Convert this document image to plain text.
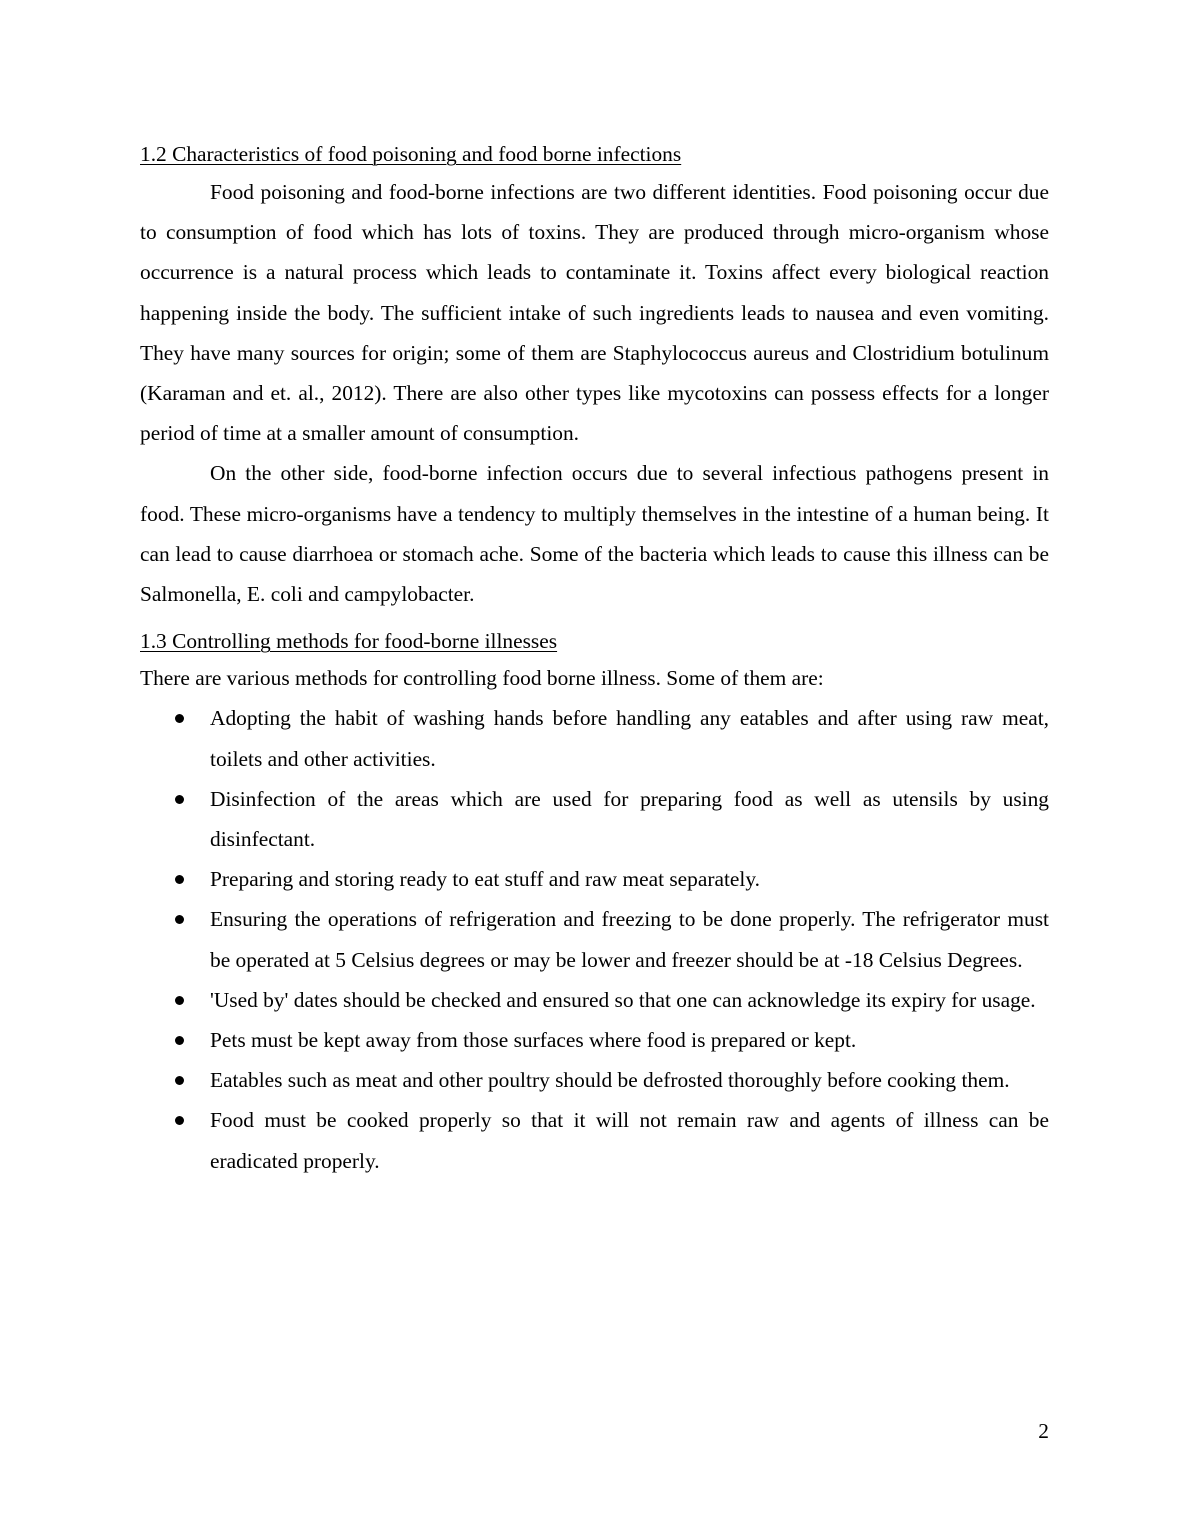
1.2 Characteristics of food poisoning and food borne infections

Food poisoning and food-borne infections are two different identities. Food poisoning occur due to consumption of food which has lots of toxins. They are produced through micro-organism whose occurrence is a natural process which leads to contaminate it. Toxins affect every biological reaction happening inside the body. The sufficient intake of such ingredients leads to nausea and even vomiting. They have many sources for origin; some of them are Staphylococcus aureus and Clostridium botulinum (Karaman and et. al., 2012). There are also other types like mycotoxins can possess effects for a longer period of time at a smaller amount of consumption.

On the other side, food-borne infection occurs due to several infectious pathogens present in food. These micro-organisms have a tendency to multiply themselves in the intestine of a human being. It can lead to cause diarrhoea or stomach ache. Some of the bacteria which leads to cause this illness can be Salmonella, E. coli and campylobacter.

1.3 Controlling methods for food-borne illnesses

There are various methods for controlling food borne illness. Some of them are:

Adopting the habit of washing hands before handling any eatables and after using raw meat, toilets and other activities.
Disinfection of the areas which are used for preparing food as well as utensils by using disinfectant.
Preparing and storing ready to eat stuff and raw meat separately.
Ensuring the operations of refrigeration and freezing to be done properly. The refrigerator must be operated at 5 Celsius degrees or may be lower and freezer should be at -18 Celsius Degrees.
'Used by' dates should be checked and ensured so that one can acknowledge its expiry for usage.
Pets must be kept away from those surfaces where food is prepared or kept.
Eatables such as meat and other poultry should be defrosted thoroughly before cooking them.
Food must be cooked properly so that it will not remain raw and agents of illness can be eradicated properly.
2
